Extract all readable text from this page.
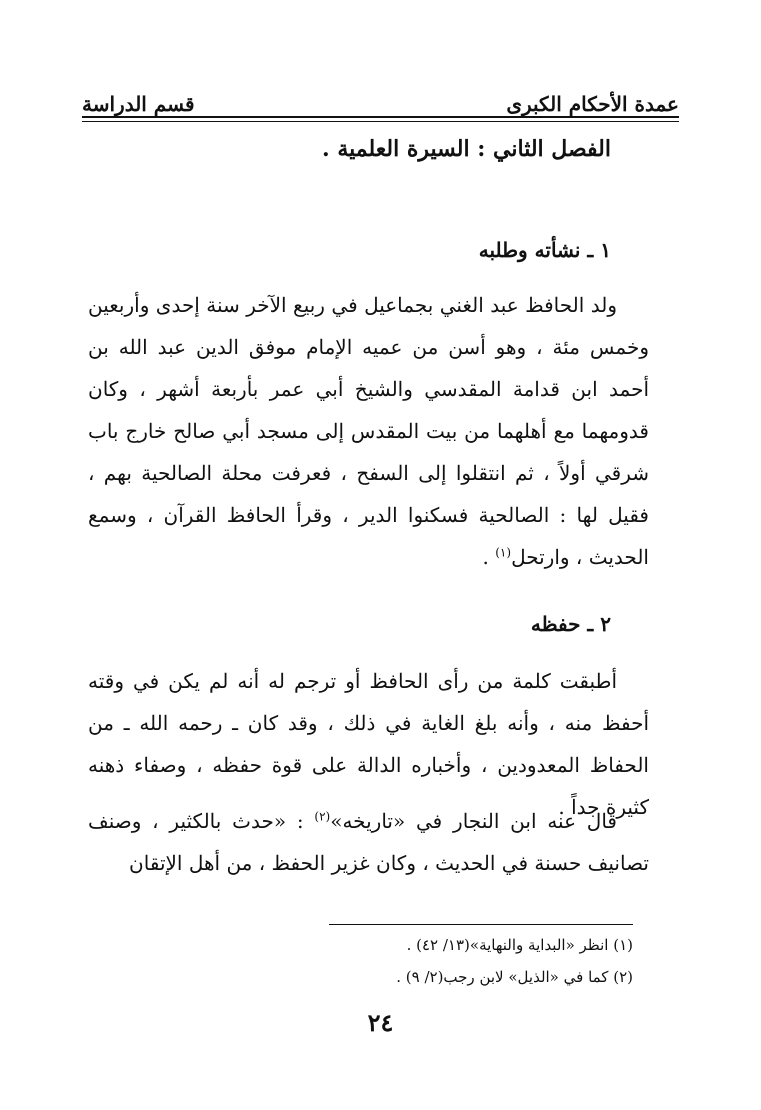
عمدة الأحكام الكبرى
قسم الدراسة
الفصل الثاني : السيرة العلمية .
١ ـ نشأته وطلبه
ولد الحافظ عبد الغني بجماعيل في ربيع الآخر سنة إحدى وأربعين وخمس مئة ، وهو أسن من عميه الإمام موفق الدين عبد الله بن أحمد ابن قدامة المقدسي والشيخ أبي عمر بأربعة أشهر ، وكان قدومهما مع أهلهما من بيت المقدس إلى مسجد أبي صالح خارج باب شرقي أولاً ، ثم انتقلوا إلى السفح ، فعرفت محلة الصالحية بهم ، فقيل لها : الصالحية فسكنوا الدير ، وقرأ الحافظ القرآن ، وسمع الحديث ، وارتحل$^{(١)}$ .
٢ ـ حفظه
أطبقت كلمة من رأى الحافظ أو ترجم له أنه لم يكن في وقته أحفظ منه ، وأنه بلغ الغاية في ذلك ، وقد كان ـ رحمه الله ـ من الحفاظ المعدودين ، وأخباره الدالة على قوة حفظه ، وصفاء ذهنه كثيرة جداً .
قال عنه ابن النجار في «تاريخه»$^{(٢)}$ : «حدث بالكثير ، وصنف تصانيف حسنة في الحديث ، وكان غزير الحفظ ، من أهل الإتقان
(١) انظر «البداية والنهاية»(١٣/ ٤٢) .
(٢) كما في «الذيل» لابن رجب(٢/ ٩) .
٢٤
